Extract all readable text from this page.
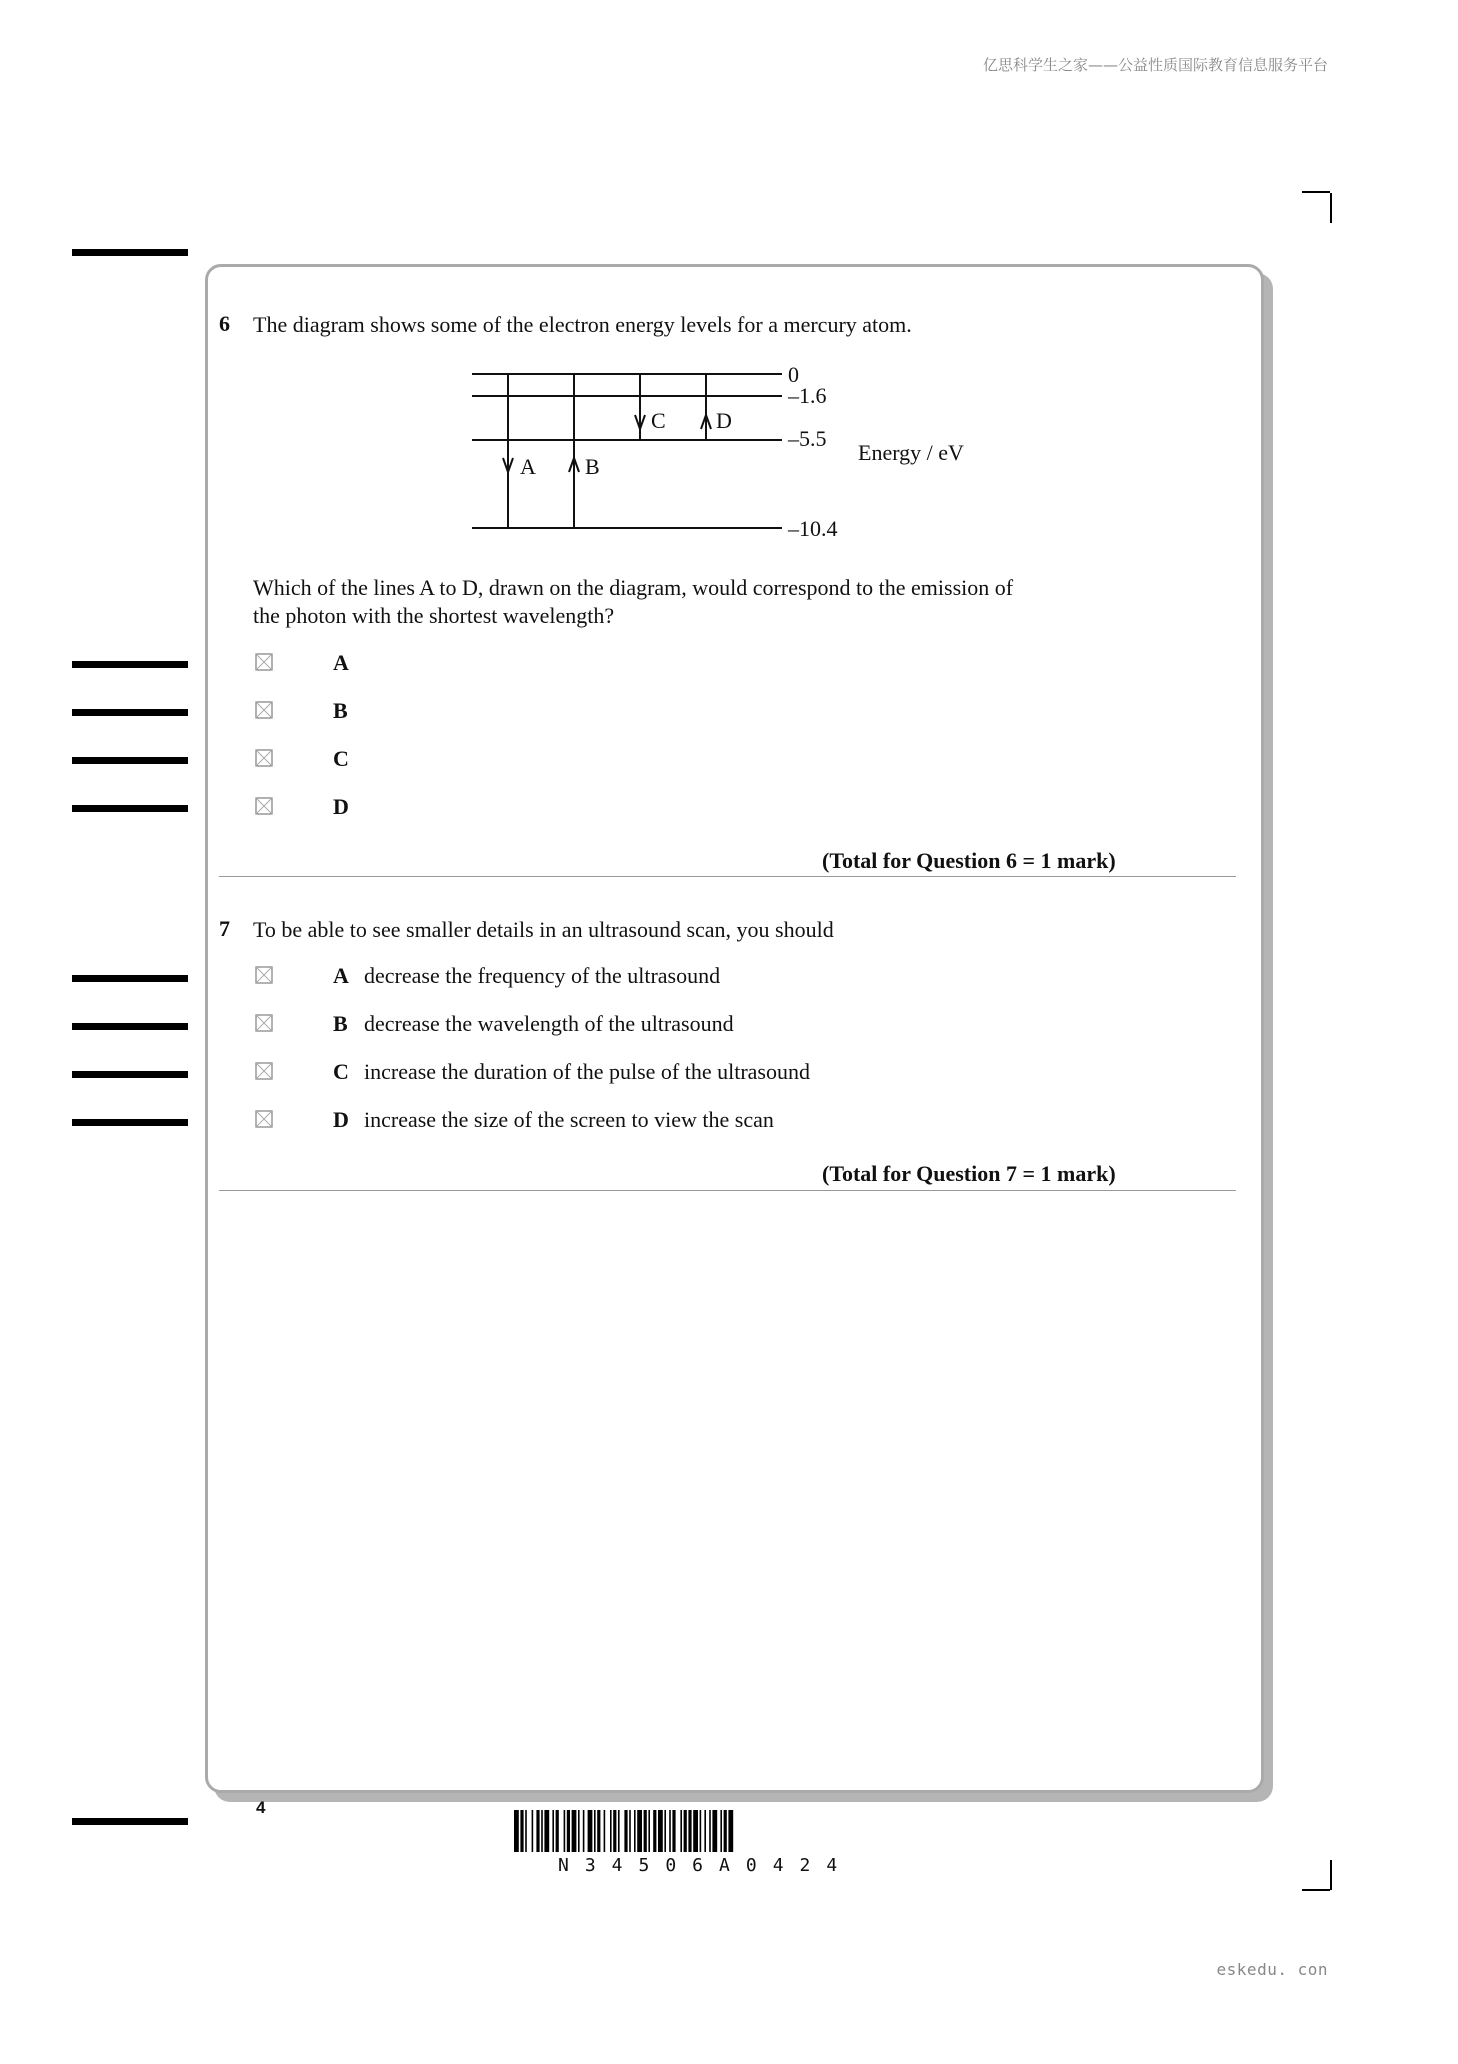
亿思科学生之家——公益性质国际教育信息服务平台
eskedu. con
6 The diagram shows some of the electron energy levels for a mercury atom.
A B
C D
0
–1.6
–5.5
–10.4
Energy / eV
Which of the lines A to D, drawn on the diagram, would correspond to the emission of
the photon with the shortest wavelength?
A
B
C
D
(Total for Question 6 = 1 mark)
7 To be able to see smaller details in an ultrasound scan, you should
A decrease the frequency of the ultrasound
B decrease the wavelength of the ultrasound
C increase the duration of the pulse of the ultrasound
D increase the size of the screen to view the scan
(Total for Question 7 = 1 mark)
4
N34506A0424
